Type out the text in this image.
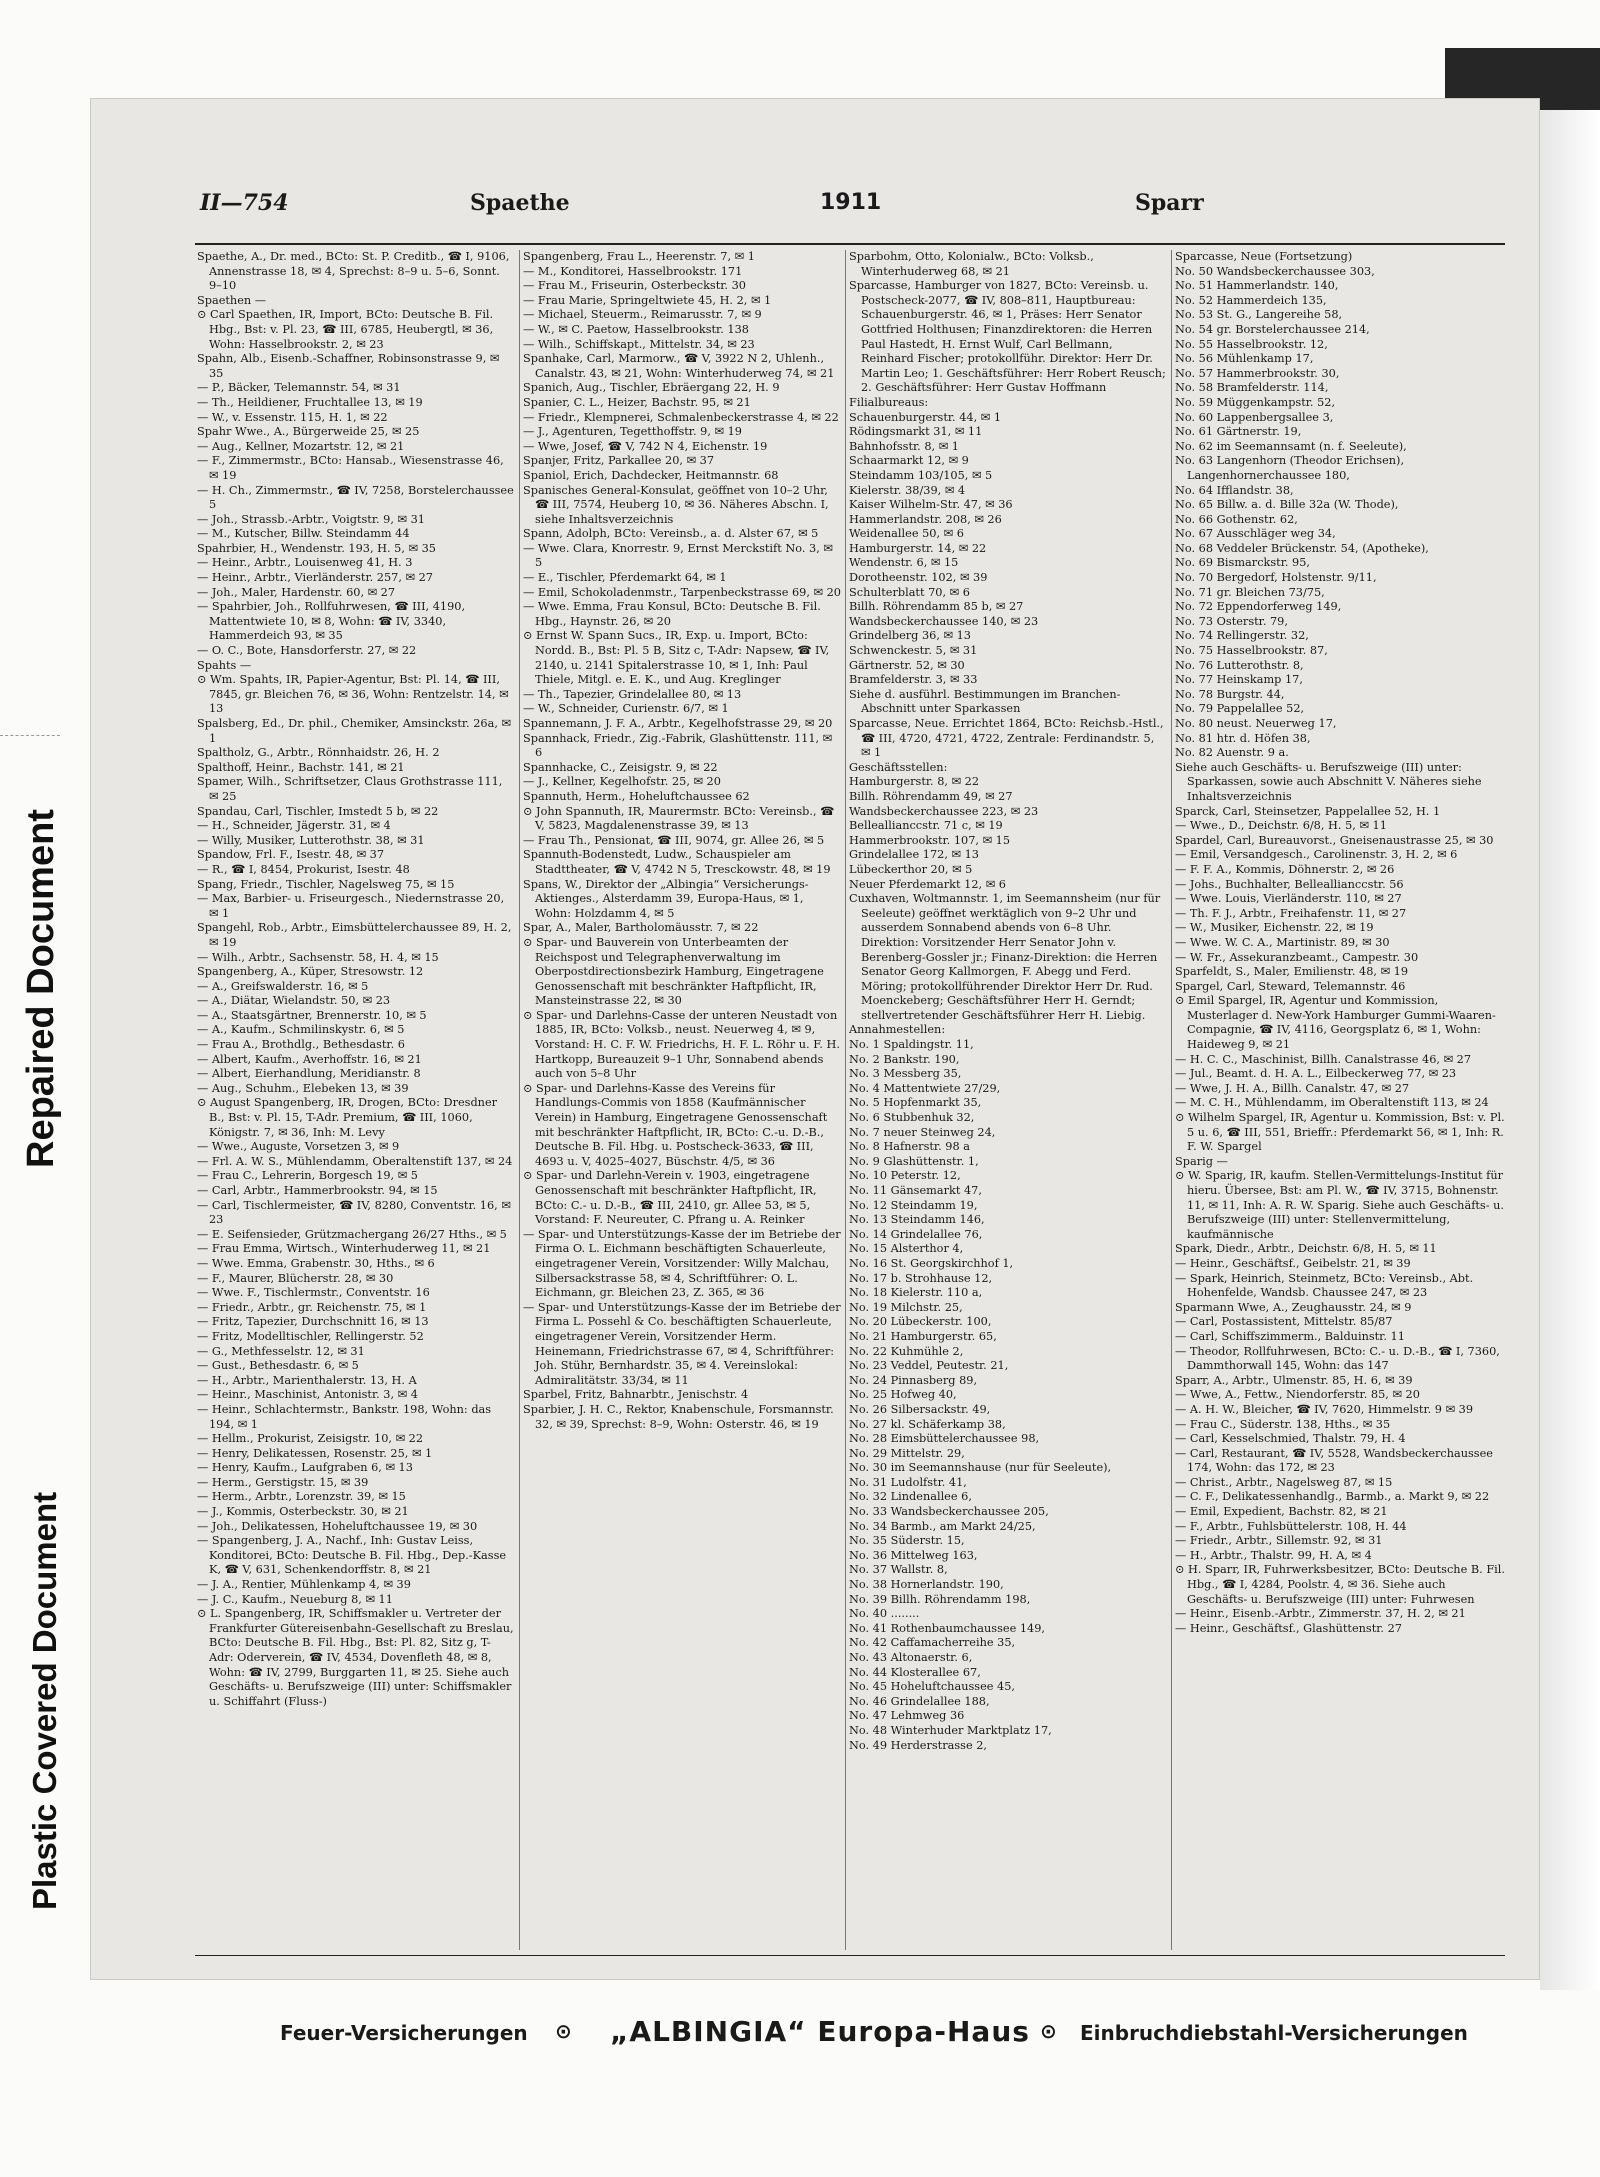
Repaired Document
Plastic Covered Document
II—754	Spaethe	1911	Sparr

Spaethe, A., Dr. med., BCto: St. P. Creditb., ☎ I, 9106, Annenstrasse 18, ✉ 4, Sprechst: 8–9 u. 5–6, Sonnt. 9–10

Spaethen —

⊙ Carl Spaethen, IR, Import, BCto: Deutsche B. Fil. Hbg., Bst: v. Pl. 23, ☎ III, 6785, Heubergtl, ✉ 36, Wohn: Hasselbrookstr. 2, ✉ 23

Spahn, Alb., Eisenb.-Schaffner, Robinsonstrasse 9, ✉ 35

— P., Bäcker, Telemannstr. 54, ✉ 31

— Th., Heildiener, Fruchtallee 13, ✉ 19

— W., v. Essenstr. 115, H. 1, ✉ 22

Spahr Wwe., A., Bürgerweide 25, ✉ 25

— Aug., Kellner, Mozartstr. 12, ✉ 21

— F., Zimmermstr., BCto: Hansab., Wiesenstrasse 46, ✉ 19

— H. Ch., Zimmermstr., ☎ IV, 7258, Borstelerchaussee 5

— Joh., Strassb.-Arbtr., Voigtstr. 9, ✉ 31

— M., Kutscher, Billw. Steindamm 44

Spahrbier, H., Wendenstr. 193, H. 5, ✉ 35

— Heinr., Arbtr., Louisenweg 41, H. 3

— Heinr., Arbtr., Vierländerstr. 257, ✉ 27

— Joh., Maler, Hardenstr. 60, ✉ 27

— Spahrbier, Joh., Rollfuhrwesen, ☎ III, 4190, Mattentwiete 10, ✉ 8, Wohn: ☎ IV, 3340, Hammerdeich 93, ✉ 35

— O. C., Bote, Hansdorferstr. 27, ✉ 22

Spahts —

⊙ Wm. Spahts, IR, Papier-Agentur, Bst: Pl. 14, ☎ III, 7845, gr. Bleichen 76, ✉ 36, Wohn: Rentzelstr. 14, ✉ 13

Spalsberg, Ed., Dr. phil., Chemiker, Amsinckstr. 26a, ✉ 1

Spaltholz, G., Arbtr., Rönnhaidstr. 26, H. 2

Spalthoff, Heinr., Bachstr. 141, ✉ 21

Spamer, Wilh., Schriftsetzer, Claus Grothstrasse 111, ✉ 25

Spandau, Carl, Tischler, Imstedt 5 b, ✉ 22

— H., Schneider, Jägerstr. 31, ✉ 4

— Willy, Musiker, Lutterothstr. 38, ✉ 31

Spandow, Frl. F., Isestr. 48, ✉ 37

— R., ☎ I, 8454, Prokurist, Isestr. 48

Spang, Friedr., Tischler, Nagelsweg 75, ✉ 15

— Max, Barbier- u. Friseurgesch., Niedernstrasse 20, ✉ 1

Spangehl, Rob., Arbtr., Eimsbüttelerchaussee 89, H. 2, ✉ 19

— Wilh., Arbtr., Sachsenstr. 58, H. 4, ✉ 15

Spangenberg, A., Küper, Stresowstr. 12

— A., Greifswalderstr. 16, ✉ 5

— A., Diätar, Wielandstr. 50, ✉ 23

— A., Staatsgärtner, Brennerstr. 10, ✉ 5

— A., Kaufm., Schmilinskystr. 6, ✉ 5

— Frau A., Brothdlg., Bethesdastr. 6

— Albert, Kaufm., Averhoffstr. 16, ✉ 21

— Albert, Eierhandlung, Meridianstr. 8

— Aug., Schuhm., Elebeken 13, ✉ 39

⊙ August Spangenberg, IR, Drogen, BCto: Dresdner B., Bst: v. Pl. 15, T-Adr. Premium, ☎ III, 1060, Königstr. 7, ✉ 36, Inh: M. Levy

— Wwe., Auguste, Vorsetzen 3, ✉ 9

— Frl. A. W. S., Mühlendamm, Oberaltenstift 137, ✉ 24

— Frau C., Lehrerin, Borgesch 19, ✉ 5

— Carl, Arbtr., Hammerbrookstr. 94, ✉ 15

— Carl, Tischlermeister, ☎ IV, 8280, Conventstr. 16, ✉ 23

— E. Seifensieder, Grützmachergang 26/27 Hths., ✉ 5

— Frau Emma, Wirtsch., Winterhuderweg 11, ✉ 21

— Wwe. Emma, Grabenstr. 30, Hths., ✉ 6

— F., Maurer, Blücherstr. 28, ✉ 30

— Wwe. F., Tischlermstr., Conventstr. 16

— Friedr., Arbtr., gr. Reichenstr. 75, ✉ 1

— Fritz, Tapezier, Durchschnitt 16, ✉ 13

— Fritz, Modelltischler, Rellingerstr. 52

— G., Methfesselstr. 12, ✉ 31

— Gust., Bethesdastr. 6, ✉ 5

— H., Arbtr., Marienthalerstr. 13, H. A

— Heinr., Maschinist, Antonistr. 3, ✉ 4

— Heinr., Schlachtermstr., Bankstr. 198, Wohn: das 194, ✉ 1

— Hellm., Prokurist, Zeisigstr. 10, ✉ 22

— Henry, Delikatessen, Rosenstr. 25, ✉ 1

— Henry, Kaufm., Laufgraben 6, ✉ 13

— Herm., Gerstigstr. 15, ✉ 39

— Herm., Arbtr., Lorenzstr. 39, ✉ 15

— J., Kommis, Osterbeckstr. 30, ✉ 21

— Joh., Delikatessen, Hoheluftchaussee 19, ✉ 30

— Spangenberg, J. A., Nachf., Inh: Gustav Leiss, Konditorei, BCto: Deutsche B. Fil. Hbg., Dep.-Kasse K, ☎ V, 631, Schenkendorffstr. 8, ✉ 21

— J. A., Rentier, Mühlenkamp 4, ✉ 39

— J. C., Kaufm., Neueburg 8, ✉ 11

⊙ L. Spangenberg, IR, Schiffsmakler u. Vertreter der Frankfurter Gütereisenbahn-Gesellschaft zu Breslau, BCto: Deutsche B. Fil. Hbg., Bst: Pl. 82, Sitz g, T-Adr: Oderverein, ☎ IV, 4534, Dovenfleth 48, ✉ 8, Wohn: ☎ IV, 2799, Burggarten 11, ✉ 25. Siehe auch Geschäfts- u. Berufszweige (III) unter: Schiffsmakler u. Schiffahrt (Fluss-)

Spangenberg, Frau L., Heerenstr. 7, ✉ 1

— M., Konditorei, Hasselbrookstr. 171

— Frau M., Friseurin, Osterbeckstr. 30

— Frau Marie, Springeltwiete 45, H. 2, ✉ 1

— Michael, Steuerm., Reimarusstr. 7, ✉ 9

— W., ✉ C. Paetow, Hasselbrookstr. 138

— Wilh., Schiffskapt., Mittelstr. 34, ✉ 23

Spanhake, Carl, Marmorw., ☎ V, 3922 N 2, Uhlenh., Canalstr. 43, ✉ 21, Wohn: Winterhuderweg 74, ✉ 21

Spanich, Aug., Tischler, Ebräergang 22, H. 9

Spanier, C. L., Heizer, Bachstr. 95, ✉ 21

— Friedr., Klempnerei, Schmalenbeckerstrasse 4, ✉ 22

— J., Agenturen, Tegetthoffstr. 9, ✉ 19

— Wwe, Josef, ☎ V, 742 N 4, Eichenstr. 19

Spanjer, Fritz, Parkallee 20, ✉ 37

Spaniol, Erich, Dachdecker, Heitmannstr. 68

Spanisches General-Konsulat, geöffnet von 10–2 Uhr, ☎ III, 7574, Heuberg 10, ✉ 36. Näheres Abschn. I, siehe Inhaltsverzeichnis

Spann, Adolph, BCto: Vereinsb., a. d. Alster 67, ✉ 5

— Wwe. Clara, Knorrestr. 9, Ernst Merckstift No. 3, ✉ 5

— E., Tischler, Pferdemarkt 64, ✉ 1

— Emil, Schokoladenmstr., Tarpenbeckstrasse 69, ✉ 20

— Wwe. Emma, Frau Konsul, BCto: Deutsche B. Fil. Hbg., Haynstr. 26, ✉ 20

⊙ Ernst W. Spann Sucs., IR, Exp. u. Import, BCto: Nordd. B., Bst: Pl. 5 B, Sitz c, T-Adr: Napsew, ☎ IV, 2140, u. 2141 Spitalerstrasse 10, ✉ 1, Inh: Paul Thiele, Mitgl. e. E. K., und Aug. Kreglinger

— Th., Tapezier, Grindelallee 80, ✉ 13

— W., Schneider, Curienstr. 6/7, ✉ 1

Spannemann, J. F. A., Arbtr., Kegelhofstrasse 29, ✉ 20

Spannhack, Friedr., Zig.-Fabrik, Glashüttenstr. 111, ✉ 6

Spannhacke, C., Zeisigstr. 9, ✉ 22

— J., Kellner, Kegelhofstr. 25, ✉ 20

Spannuth, Herm., Hoheluftchaussee 62

⊙ John Spannuth, IR, Maurermstr. BCto: Vereinsb., ☎ V, 5823, Magdalenenstrasse 39, ✉ 13

— Frau Th., Pensionat, ☎ III, 9074, gr. Allee 26, ✉ 5

Spannuth-Bodenstedt, Ludw., Schauspieler am Stadttheater, ☎ V, 4742 N 5, Tresckowstr. 48, ✉ 19

Spans, W., Direktor der „Albingia“ Versicherungs-Aktienges., Alsterdamm 39, Europa-Haus, ✉ 1, Wohn: Holzdamm 4, ✉ 5

Spar, A., Maler, Bartholomäusstr. 7, ✉ 22

⊙ Spar- und Bauverein von Unterbeamten der Reichspost und Telegraphenverwaltung im Oberpostdirectionsbezirk Hamburg, Eingetragene Genossenschaft mit beschränkter Haftpflicht, IR, Mansteinstrasse 22, ✉ 30

⊙ Spar- und Darlehns-Casse der unteren Neustadt von 1885, IR, BCto: Volksb., neust. Neuerweg 4, ✉ 9, Vorstand: H. C. F. W. Friedrichs, H. F. L. Röhr u. F. H. Hartkopp, Bureauzeit 9–1 Uhr, Sonnabend abends auch von 5–8 Uhr

⊙ Spar- und Darlehns-Kasse des Vereins für Handlungs-Commis von 1858 (Kaufmännischer Verein) in Hamburg, Eingetragene Genossenschaft mit beschränkter Haftpflicht, IR, BCto: C.-u. D.-B., Deutsche B. Fil. Hbg. u. Postscheck-3633, ☎ III, 4693 u. V, 4025–4027, Büschstr. 4/5, ✉ 36

⊙ Spar- und Darlehn-Verein v. 1903, eingetragene Genossenschaft mit beschränkter Haftpflicht, IR, BCto: C.- u. D.-B., ☎ III, 2410, gr. Allee 53, ✉ 5, Vorstand: F. Neureuter, C. Pfrang u. A. Reinker

— Spar- und Unterstützungs-Kasse der im Betriebe der Firma O. L. Eichmann beschäftigten Schauerleute, eingetragener Verein, Vorsitzender: Willy Malchau, Silbersackstrasse 58, ✉ 4, Schriftführer: O. L. Eichmann, gr. Bleichen 23, Z. 365, ✉ 36

— Spar- und Unterstützungs-Kasse der im Betriebe der Firma L. Possehl & Co. beschäftigten Schauerleute, eingetragener Verein, Vorsitzender Herm. Heinemann, Friedrichstrasse 67, ✉ 4, Schriftführer: Joh. Stühr, Bernhardstr. 35, ✉ 4. Vereinslokal: Admiralitätstr. 33/34, ✉ 11

Sparbel, Fritz, Bahnarbtr., Jenischstr. 4

Sparbier, J. H. C., Rektor, Knabenschule, Forsmannstr. 32, ✉ 39, Sprechst: 8–9, Wohn: Osterstr. 46, ✉ 19

Sparbohm, Otto, Kolonialw., BCto: Volksb., Winterhuderweg 68, ✉ 21

Sparcasse, Hamburger von 1827, BCto: Vereinsb. u. Postscheck-2077, ☎ IV, 808–811, Hauptbureau: Schauenburgerstr. 46, ✉ 1, Präses: Herr Senator Gottfried Holthusen; Finanzdirektoren: die Herren Paul Hastedt, H. Ernst Wulf, Carl Bellmann, Reinhard Fischer; protokollführ. Direktor: Herr Dr. Martin Leo; 1. Geschäftsführer: Herr Robert Reusch; 2. Geschäftsführer: Herr Gustav Hoffmann

Filialbureaus:

Schauenburgerstr. 44, ✉ 1

Rödingsmarkt 31, ✉ 11

Bahnhofsstr. 8, ✉ 1

Schaarmarkt 12, ✉ 9

Steindamm 103/105, ✉ 5

Kielerstr. 38/39, ✉ 4

Kaiser Wilhelm-Str. 47, ✉ 36

Hammerlandstr. 208, ✉ 26

Weidenallee 50, ✉ 6

Hamburgerstr. 14, ✉ 22

Wendenstr. 6, ✉ 15

Dorotheenstr. 102, ✉ 39

Schulterblatt 70, ✉ 6

Billh. Röhrendamm 85 b, ✉ 27

Wandsbeckerchaussee 140, ✉ 23

Grindelberg 36, ✉ 13

Schwenckestr. 5, ✉ 31

Gärtnerstr. 52, ✉ 30

Bramfelderstr. 3, ✉ 33

Siehe d. ausführl. Bestimmungen im Branchen-Abschnitt unter Sparkassen

Sparcasse, Neue. Errichtet 1864, BCto: Reichsb.-Hstl., ☎ III, 4720, 4721, 4722, Zentrale: Ferdinandstr. 5, ✉ 1

Geschäftsstellen:

Hamburgerstr. 8, ✉ 22

Billh. Röhrendamm 49, ✉ 27

Wandsbeckerchaussee 223, ✉ 23

Belleallianccstr. 71 c, ✉ 19

Hammerbrookstr. 107, ✉ 15

Grindelallee 172, ✉ 13

Lübeckerthor 20, ✉ 5

Neuer Pferdemarkt 12, ✉ 6

Cuxhaven, Woltmannstr. 1, im Seemannsheim (nur für Seeleute) geöffnet werktäglich von 9–2 Uhr und ausserdem Sonnabend abends von 6–8 Uhr. Direktion: Vorsitzender Herr Senator John v. Berenberg-Gossler jr.; Finanz-Direktion: die Herren Senator Georg Kallmorgen, F. Abegg und Ferd. Möring; protokollführender Direktor Herr Dr. Rud. Moenckeberg; Geschäftsführer Herr H. Gerndt; stellvertretender Geschäftsführer Herr H. Liebig.

Annahmestellen:

No. 1 Spaldingstr. 11,

No. 2 Bankstr. 190,

No. 3 Messberg 35,

No. 4 Mattentwiete 27/29,

No. 5 Hopfenmarkt 35,

No. 6 Stubbenhuk 32,

No. 7 neuer Steinweg 24,

No. 8 Hafnerstr. 98 a

No. 9 Glashüttenstr. 1,

No. 10 Peterstr. 12,

No. 11 Gänsemarkt 47,

No. 12 Steindamm 19,

No. 13 Steindamm 146,

No. 14 Grindelallee 76,

No. 15 Alsterthor 4,

No. 16 St. Georgskirchhof 1,

No. 17 b. Strohhause 12,

No. 18 Kielerstr. 110 a,

No. 19 Milchstr. 25,

No. 20 Lübeckerstr. 100,

No. 21 Hamburgerstr. 65,

No. 22 Kuhmühle 2,

No. 23 Veddel, Peutestr. 21,

No. 24 Pinnasberg 89,

No. 25 Hofweg 40,

No. 26 Silbersackstr. 49,

No. 27 kl. Schäferkamp 38,

No. 28 Eimsbüttelerchaussee 98,

No. 29 Mittelstr. 29,

No. 30 im Seemannshause (nur für Seeleute),

No. 31 Ludolfstr. 41,

No. 32 Lindenallee 6,

No. 33 Wandsbeckerchaussee 205,

No. 34 Barmb., am Markt 24/25,

No. 35 Süderstr. 15,

No. 36 Mittelweg 163,

No. 37 Wallstr. 8,

No. 38 Hornerlandstr. 190,

No. 39 Billh. Röhrendamm 198,

No. 40 ........

No. 41 Rothenbaumchaussee 149,

No. 42 Caffamacherreihe 35,

No. 43 Altonaerstr. 6,

No. 44 Klosterallee 67,

No. 45 Hoheluftchaussee 45,

No. 46 Grindelallee 188,

No. 47 Lehmweg 36

No. 48 Winterhuder Marktplatz 17,

No. 49 Herderstrasse 2,

Sparcasse, Neue (Fortsetzung)

No. 50 Wandsbeckerchaussee 303,

No. 51 Hammerlandstr. 140,

No. 52 Hammerdeich 135,

No. 53 St. G., Langereihe 58,

No. 54 gr. Borstelerchaussee 214,

No. 55 Hasselbrookstr. 12,

No. 56 Mühlenkamp 17,

No. 57 Hammerbrookstr. 30,

No. 58 Bramfelderstr. 114,

No. 59 Müggenkampstr. 52,

No. 60 Lappenbergsallee 3,

No. 61 Gärtnerstr. 19,

No. 62 im Seemannsamt (n. f. Seeleute),

No. 63 Langenhorn (Theodor Erichsen), Langenhornerchaussee 180,

No. 64 Ifflandstr. 38,

No. 65 Billw. a. d. Bille 32a (W. Thode),

No. 66 Gothenstr. 62,

No. 67 Ausschläger weg 34,

No. 68 Veddeler Brückenstr. 54, (Apotheke),

No. 69 Bismarckstr. 95,

No. 70 Bergedorf, Holstenstr. 9/11,

No. 71 gr. Bleichen 73/75,

No. 72 Eppendorferweg 149,

No. 73 Osterstr. 79,

No. 74 Rellingerstr. 32,

No. 75 Hasselbrookstr. 87,

No. 76 Lutterothstr. 8,

No. 77 Heinskamp 17,

No. 78 Burgstr. 44,

No. 79 Pappelallee 52,

No. 80 neust. Neuerweg 17,

No. 81 htr. d. Höfen 38,

No. 82 Auenstr. 9 a.

Siehe auch Geschäfts- u. Berufszweige (III) unter: Sparkassen, sowie auch Abschnitt V. Näheres siehe Inhaltsverzeichnis

Sparck, Carl, Steinsetzer, Pappelallee 52, H. 1

— Wwe., D., Deichstr. 6/8, H. 5, ✉ 11

Spardel, Carl, Bureauvorst., Gneisenaustrasse 25, ✉ 30

— Emil, Versandgesch., Carolinenstr. 3, H. 2, ✉ 6

— F. F. A., Kommis, Döhnerstr. 2, ✉ 26

— Johs., Buchhalter, Belleallianccstr. 56

— Wwe. Louis, Vierländerstr. 110, ✉ 27

— Th. F. J., Arbtr., Freihafenstr. 11, ✉ 27

— W., Musiker, Eichenstr. 22, ✉ 19

— Wwe. W. C. A., Martinistr. 89, ✉ 30

— W. Fr., Assekuranzbeamt., Campestr. 30

Sparfeldt, S., Maler, Emilienstr. 48, ✉ 19

Spargel, Carl, Steward, Telemannstr. 46

⊙ Emil Spargel, IR, Agentur und Kommission, Musterlager d. New-York Hamburger Gummi-Waaren-Compagnie, ☎ IV, 4116, Georgsplatz 6, ✉ 1, Wohn: Haideweg 9, ✉ 21

— H. C. C., Maschinist, Billh. Canalstrasse 46, ✉ 27

— Jul., Beamt. d. H. A. L., Eilbeckerweg 77, ✉ 23

— Wwe, J. H. A., Billh. Canalstr. 47, ✉ 27

— M. C. H., Mühlendamm, im Oberaltenstift 113, ✉ 24

⊙ Wilhelm Spargel, IR, Agentur u. Kommission, Bst: v. Pl. 5 u. 6, ☎ III, 551, Brieffr.: Pferdemarkt 56, ✉ 1, Inh: R. F. W. Spargel

Sparig —

⊙ W. Sparig, IR, kaufm. Stellen-Vermittelungs-Institut für hieru. Übersee, Bst: am Pl. W., ☎ IV, 3715, Bohnenstr. 11, ✉ 11, Inh: A. R. W. Sparig. Siehe auch Geschäfts- u. Berufszweige (III) unter: Stellenvermittelung, kaufmännische

Spark, Diedr., Arbtr., Deichstr. 6/8, H. 5, ✉ 11

— Heinr., Geschäftsf., Geibelstr. 21, ✉ 39

— Spark, Heinrich, Steinmetz, BCto: Vereinsb., Abt. Hohenfelde, Wandsb. Chaussee 247, ✉ 23

Sparmann Wwe, A., Zeughausstr. 24, ✉ 9

— Carl, Postassistent, Mittelstr. 85/87

— Carl, Schiffszimmerm., Balduinstr. 11

— Theodor, Rollfuhrwesen, BCto: C.- u. D.-B., ☎ I, 7360, Dammthorwall 145, Wohn: das 147

Sparr, A., Arbtr., Ulmenstr. 85, H. 6, ✉ 39

— Wwe, A., Fettw., Niendorferstr. 85, ✉ 20

— A. H. W., Bleicher, ☎ IV, 7620, Himmelstr. 9 ✉ 39

— Frau C., Süderstr. 138, Hths., ✉ 35

— Carl, Kesselschmied, Thalstr. 79, H. 4

— Carl, Restaurant, ☎ IV, 5528, Wandsbeckerchaussee 174, Wohn: das 172, ✉ 23

— Christ., Arbtr., Nagelsweg 87, ✉ 15

— C. F., Delikatessenhandlg., Barmb., a. Markt 9, ✉ 22

— Emil, Expedient, Bachstr. 82, ✉ 21

— F., Arbtr., Fuhlsbüttelerstr. 108, H. 44

— Friedr., Arbtr., Sillemstr. 92, ✉ 31

— H., Arbtr., Thalstr. 99, H. A, ✉ 4

⊙ H. Sparr, IR, Fuhrwerksbesitzer, BCto: Deutsche B. Fil. Hbg., ☎ I, 4284, Poolstr. 4, ✉ 36. Siehe auch Geschäfts- u. Berufszweige (III) unter: Fuhrwesen

— Heinr., Eisenb.-Arbtr., Zimmerstr. 37, H. 2, ✉ 21

— Heinr., Geschäftsf., Glashüttenstr. 27

Feuer-Versicherungen ⊙ „ALBINGIA“ Europa-Haus ⊙ Einbruchdiebstahl-Versicherungen
